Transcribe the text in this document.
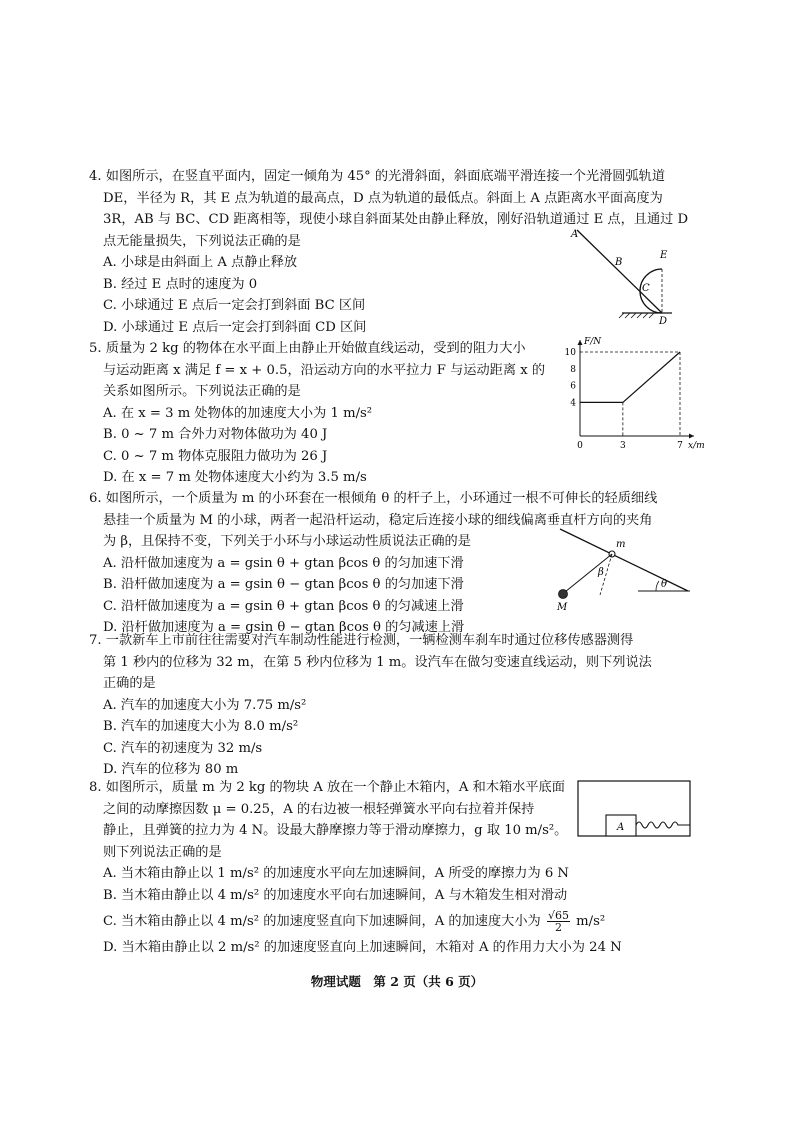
4. 如图所示，在竖直平面内，固定一倾角为 45° 的光滑斜面，斜面底端平滑连接一个光滑圆弧轨道
DE，半径为 R，其 E 点为轨道的最高点，D 点为轨道的最低点。斜面上 A 点距离水平面高度为
3R，AB 与 BC、CD 距离相等，现使小球自斜面某处由静止释放，刚好沿轨道通过 E 点，且通过 D
点无能量损失，下列说法正确的是
A. 小球是由斜面上 A 点静止释放
B. 经过 E 点时的速度为 0
C. 小球通过 E 点后一定会打到斜面 BC 区间
D. 小球通过 E 点后一定会打到斜面 CD 区间
A
B
C
D
E
5. 质量为 2 kg 的物体在水平面上由静止开始做直线运动，受到的阻力大小
与运动距离 x 满足 f = x + 0.5，沿运动方向的水平拉力 F 与运动距离 x 的
关系如图所示。下列说法正确的是
A. 在 x = 3 m 处物体的加速度大小为 1 m/s²
B. 0 ~ 7 m 合外力对物体做功为 40 J
C. 0 ~ 7 m 物体克服阻力做功为 26 J
D. 在 x = 7 m 处物体速度大小约为 3.5 m/s
F/N
x/m
4
6
8
10
0	3	7
6. 如图所示，一个质量为 m 的小环套在一根倾角 θ 的杆子上，小环通过一根不可伸长的轻质细线
悬挂一个质量为 M 的小球，两者一起沿杆运动，稳定后连接小球的细线偏离垂直杆方向的夹角
为 β，且保持不变，下列关于小环与小球运动性质说法正确的是
A. 沿杆做加速度为 a = gsin θ + gtan βcos θ 的匀加速下滑
B. 沿杆做加速度为 a = gsin θ − gtan βcos θ 的匀加速下滑
C. 沿杆做加速度为 a = gsin θ + gtan βcos θ 的匀减速上滑
D. 沿杆做加速度为 a = gsin θ − gtan βcos θ 的匀减速上滑
m
β
θ
M
7. 一款新车上市前往往需要对汽车制动性能进行检测，一辆检测车刹车时通过位移传感器测得
第 1 秒内的位移为 32 m，在第 5 秒内位移为 1 m。设汽车在做匀变速直线运动，则下列说法
正确的是
A. 汽车的加速度大小为 7.75 m/s²
B. 汽车的加速度大小为 8.0 m/s²
C. 汽车的初速度为 32 m/s
D. 汽车的位移为 80 m
8. 如图所示，质量 m 为 2 kg 的物块 A 放在一个静止木箱内，A 和木箱水平底面
之间的动摩擦因数 μ = 0.25，A 的右边被一根轻弹簧水平向右拉着并保持
静止，且弹簧的拉力为 4 N。设最大静摩擦力等于滑动摩擦力，g 取 10 m/s²。
则下列说法正确的是
A. 当木箱由静止以 1 m/s² 的加速度水平向左加速瞬间，A 所受的摩擦力为 6 N
B. 当木箱由静止以 4 m/s² 的加速度水平向右加速瞬间，A 与木箱发生相对滑动
C. 当木箱由静止以 4 m/s² 的加速度竖直向下加速瞬间，A 的加速度大小为 $\frac{√65}{2} m/s^2$
D. 当木箱由静止以 2 m/s² 的加速度竖直向上加速瞬间，木箱对 A 的作用力大小为 24 N
A
物理试题　第 2 页（共 6 页）
